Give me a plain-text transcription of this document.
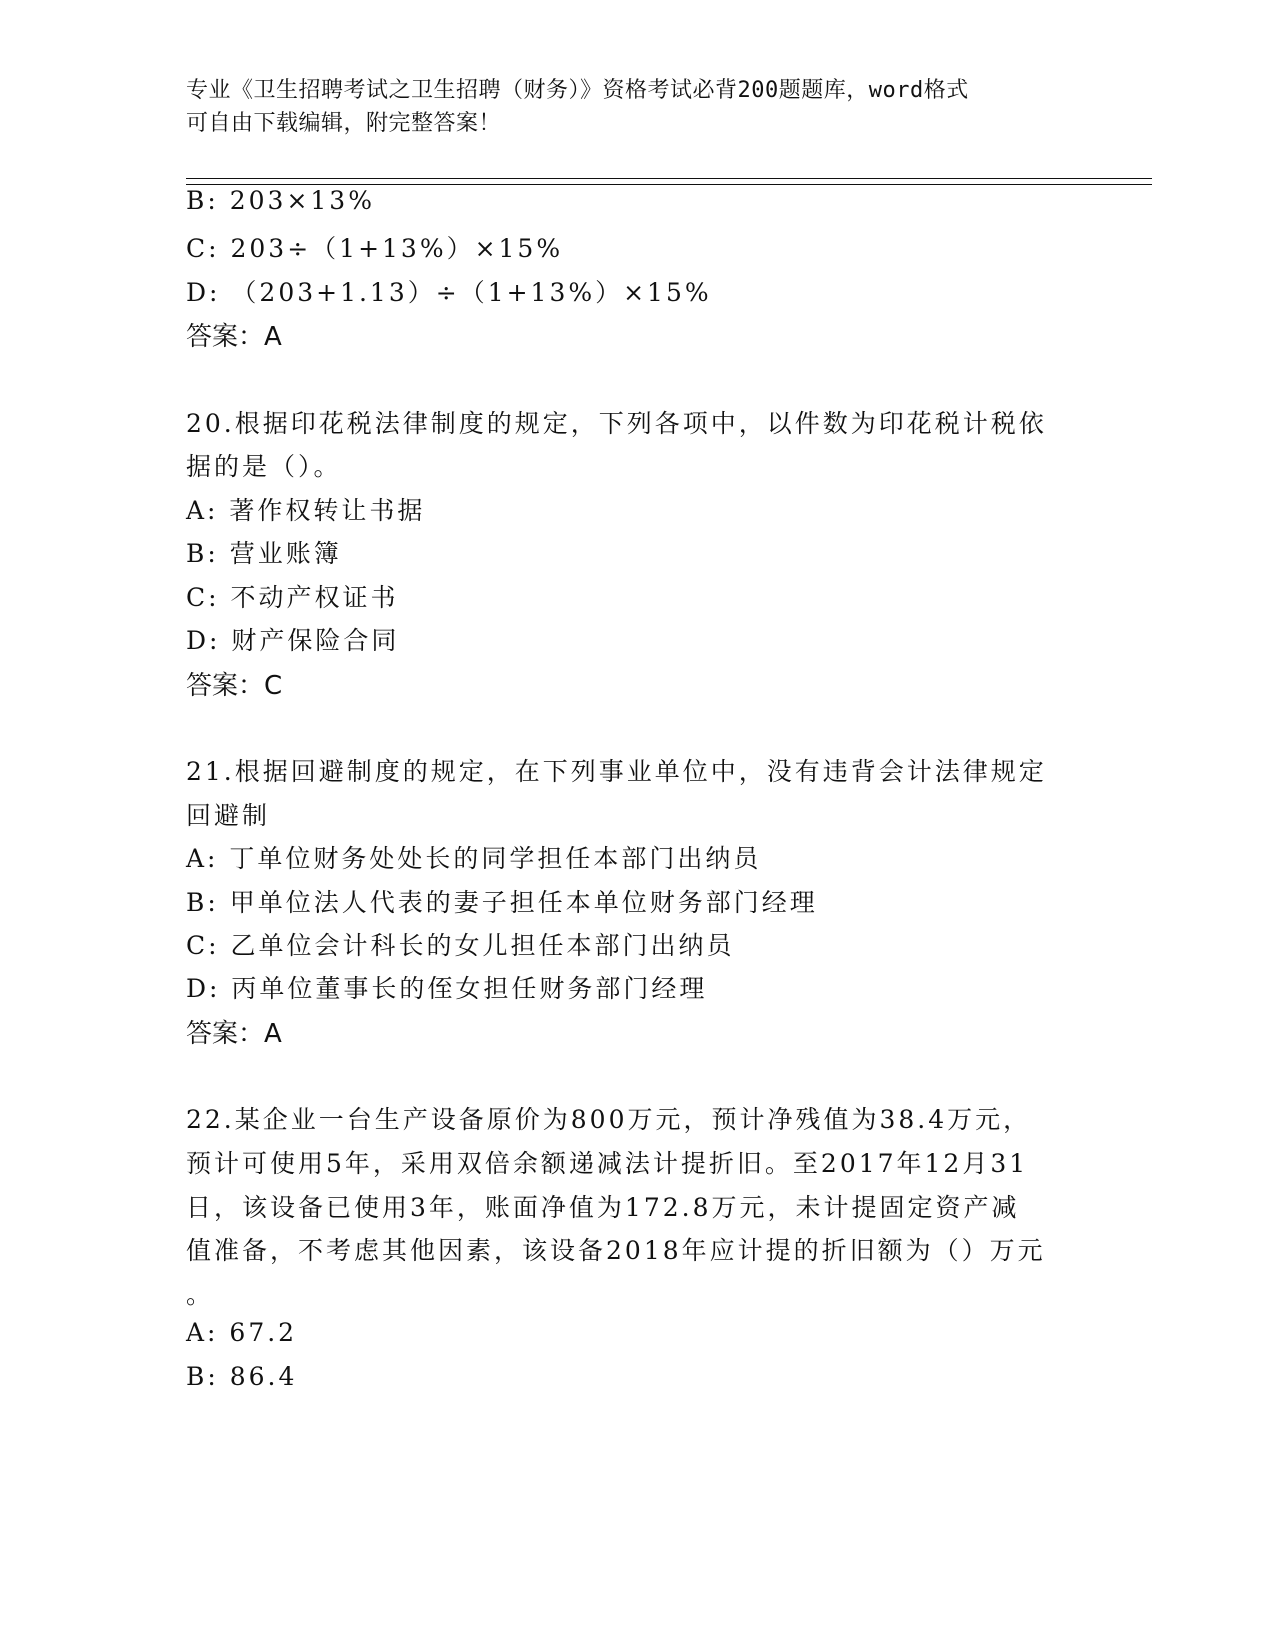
专业《卫生招聘考试之卫生招聘（财务）》资格考试必背200题题库，word格式
可自由下载编辑，附完整答案！
B: 203×13%
C: 203÷（1+13%）×15%
D: （203+1.13）÷（1+13%）×15%
答案：A
20.根据印花税法律制度的规定，下列各项中，以件数为印花税计税依
据的是（）。
A: 著作权转让书据
B: 营业账簿
C: 不动产权证书
D: 财产保险合同
答案：C
21.根据回避制度的规定，在下列事业单位中，没有违背会计法律规定
回避制
A: 丁单位财务处处长的同学担任本部门出纳员
B: 甲单位法人代表的妻子担任本单位财务部门经理
C: 乙单位会计科长的女儿担任本部门出纳员
D: 丙单位董事长的侄女担任财务部门经理
答案：A
22.某企业一台生产设备原价为800万元，预计净残值为38.4万元，
预计可使用5年，采用双倍余额递减法计提折旧。至2017年12月31
日，该设备已使用3年，账面净值为172.8万元，未计提固定资产减
值准备，不考虑其他因素，该设备2018年应计提的折旧额为（）万元
。
A: 67.2
B: 86.4
